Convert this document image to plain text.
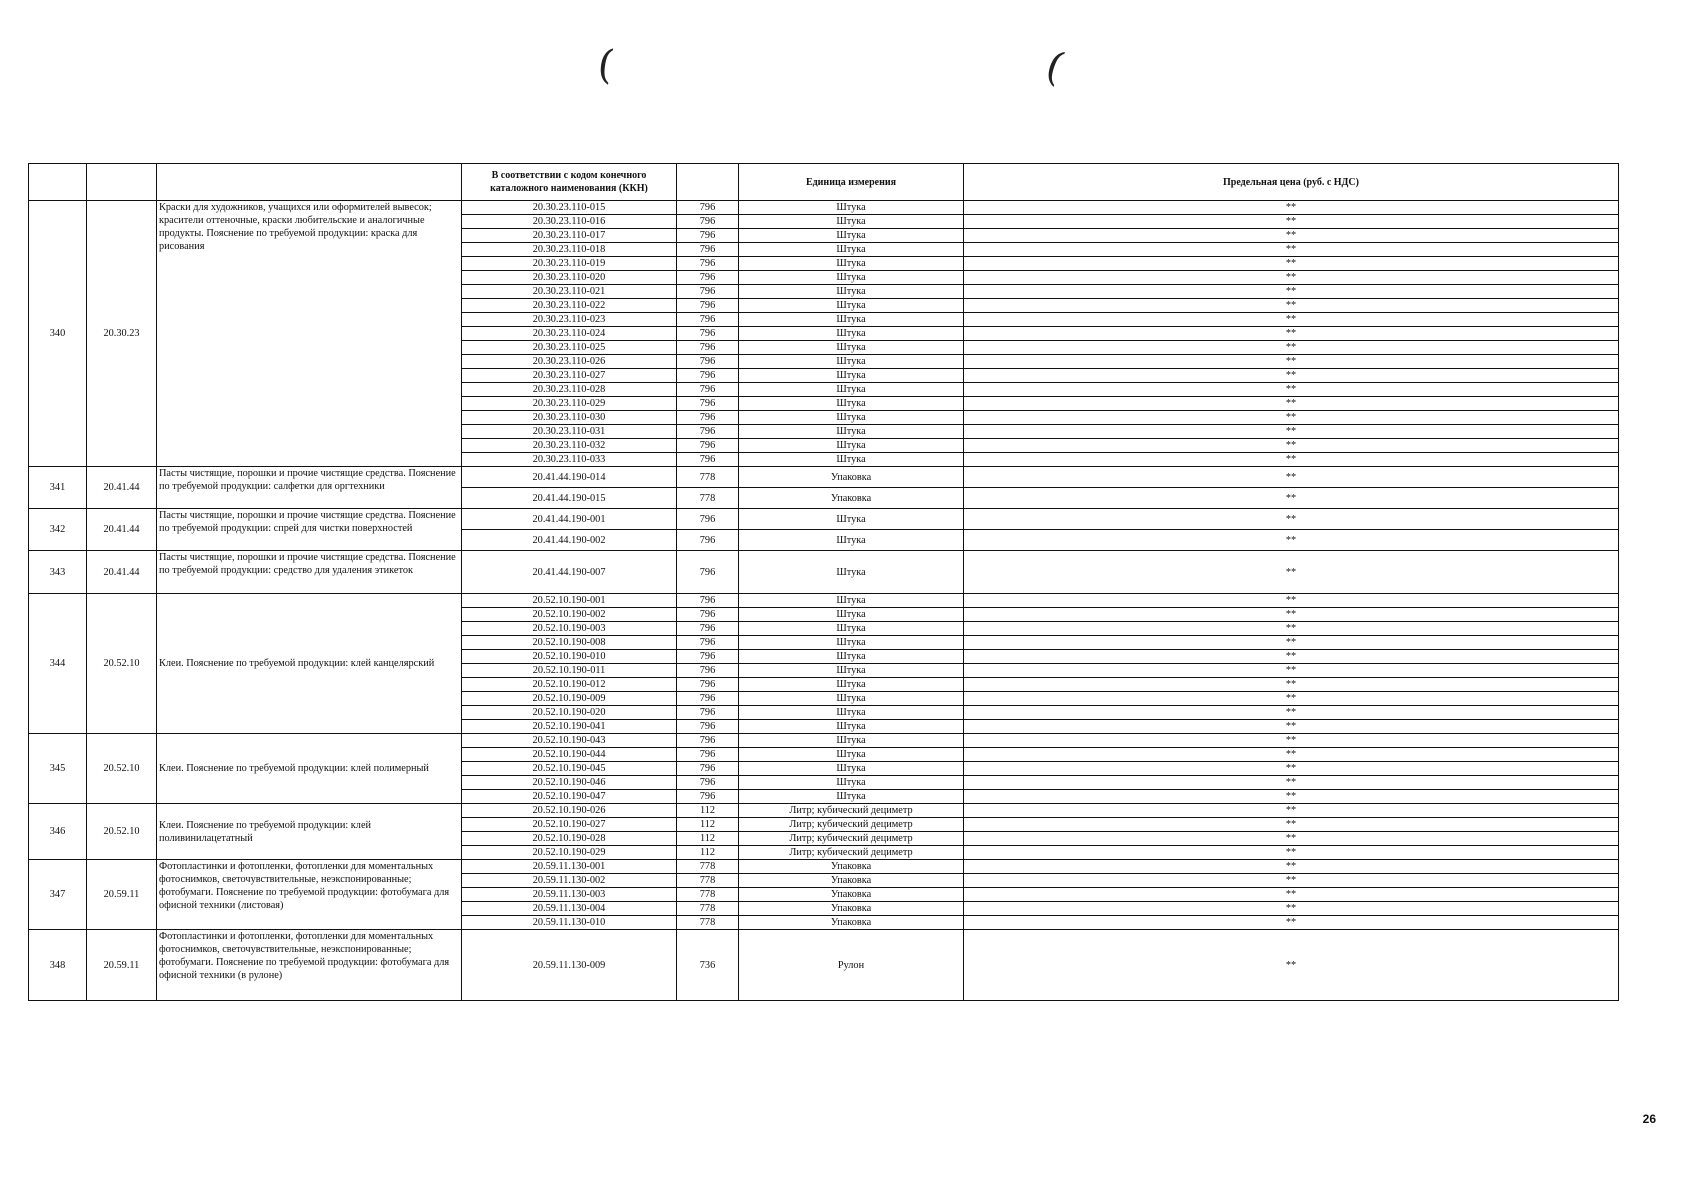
(	(
			В соответствии с кодом конечного каталожного наименования (ККН)		Единица измерения	Предельная цена (руб. с НДС)
340	20.30.23	Краски для художников, учащихся или оформителей вывесок; красители оттеночные, краски любительские и аналогичные продукты. Пояснение по требуемой продукции: краска для рисования	20.30.23.110-015	796	Штука	**
			20.30.23.110-016	796	Штука	**
			20.30.23.110-017	796	Штука	**
			20.30.23.110-018	796	Штука	**
			20.30.23.110-019	796	Штука	**
			20.30.23.110-020	796	Штука	**
			20.30.23.110-021	796	Штука	**
			20.30.23.110-022	796	Штука	**
			20.30.23.110-023	796	Штука	**
			20.30.23.110-024	796	Штука	**
			20.30.23.110-025	796	Штука	**
			20.30.23.110-026	796	Штука	**
			20.30.23.110-027	796	Штука	**
			20.30.23.110-028	796	Штука	**
			20.30.23.110-029	796	Штука	**
			20.30.23.110-030	796	Штука	**
			20.30.23.110-031	796	Штука	**
			20.30.23.110-032	796	Штука	**
			20.30.23.110-033	796	Штука	**
341	20.41.44	Пасты чистящие, порошки и прочие чистящие средства. Пояснение по требуемой продукции: салфетки для оргтехники	20.41.44.190-014	778	Упаковка	**
			20.41.44.190-015	778	Упаковка	**
342	20.41.44	Пасты чистящие, порошки и прочие чистящие средства. Пояснение по требуемой продукции: спрей для чистки поверхностей	20.41.44.190-001	796	Штука	**
			20.41.44.190-002	796	Штука	**
343	20.41.44	Пасты чистящие, порошки и прочие чистящие средства. Пояснение по требуемой продукции: средство для удаления этикеток	20.41.44.190-007	796	Штука	**
344	20.52.10	Клеи. Пояснение по требуемой продукции: клей канцелярский	20.52.10.190-001	796	Штука	**
			20.52.10.190-002	796	Штука	**
			20.52.10.190-003	796	Штука	**
			20.52.10.190-008	796	Штука	**
			20.52.10.190-010	796	Штука	**
			20.52.10.190-011	796	Штука	**
			20.52.10.190-012	796	Штука	**
			20.52.10.190-009	796	Штука	**
			20.52.10.190-020	796	Штука	**
			20.52.10.190-041	796	Штука	**
345	20.52.10	Клеи. Пояснение по требуемой продукции: клей полимерный	20.52.10.190-043	796	Штука	**
			20.52.10.190-044	796	Штука	**
			20.52.10.190-045	796	Штука	**
			20.52.10.190-046	796	Штука	**
			20.52.10.190-047	796	Штука	**
346	20.52.10	Клеи. Пояснение по требуемой продукции: клей поливинилацетатный	20.52.10.190-026	112	Литр; кубический дециметр	**
			20.52.10.190-027	112	Литр; кубический дециметр	**
			20.52.10.190-028	112	Литр; кубический дециметр	**
			20.52.10.190-029	112	Литр; кубический дециметр	**
347	20.59.11	Фотопластинки и фотопленки, фотопленки для моментальных фотоснимков, светочувствительные, неэкспонированные; фотобумаги. Пояснение по требуемой продукции: фотобумага для офисной техники (листовая)	20.59.11.130-001	778	Упаковка	**
			20.59.11.130-002	778	Упаковка	**
			20.59.11.130-003	778	Упаковка	**
			20.59.11.130-004	778	Упаковка	**
			20.59.11.130-010	778	Упаковка	**
348	20.59.11	Фотопластинки и фотопленки, фотопленки для моментальных фотоснимков, светочувствительные, неэкспонированные; фотобумаги. Пояснение по требуемой продукции: фотобумага для офисной техники (в рулоне)	20.59.11.130-009	736	Рулон	**
26
